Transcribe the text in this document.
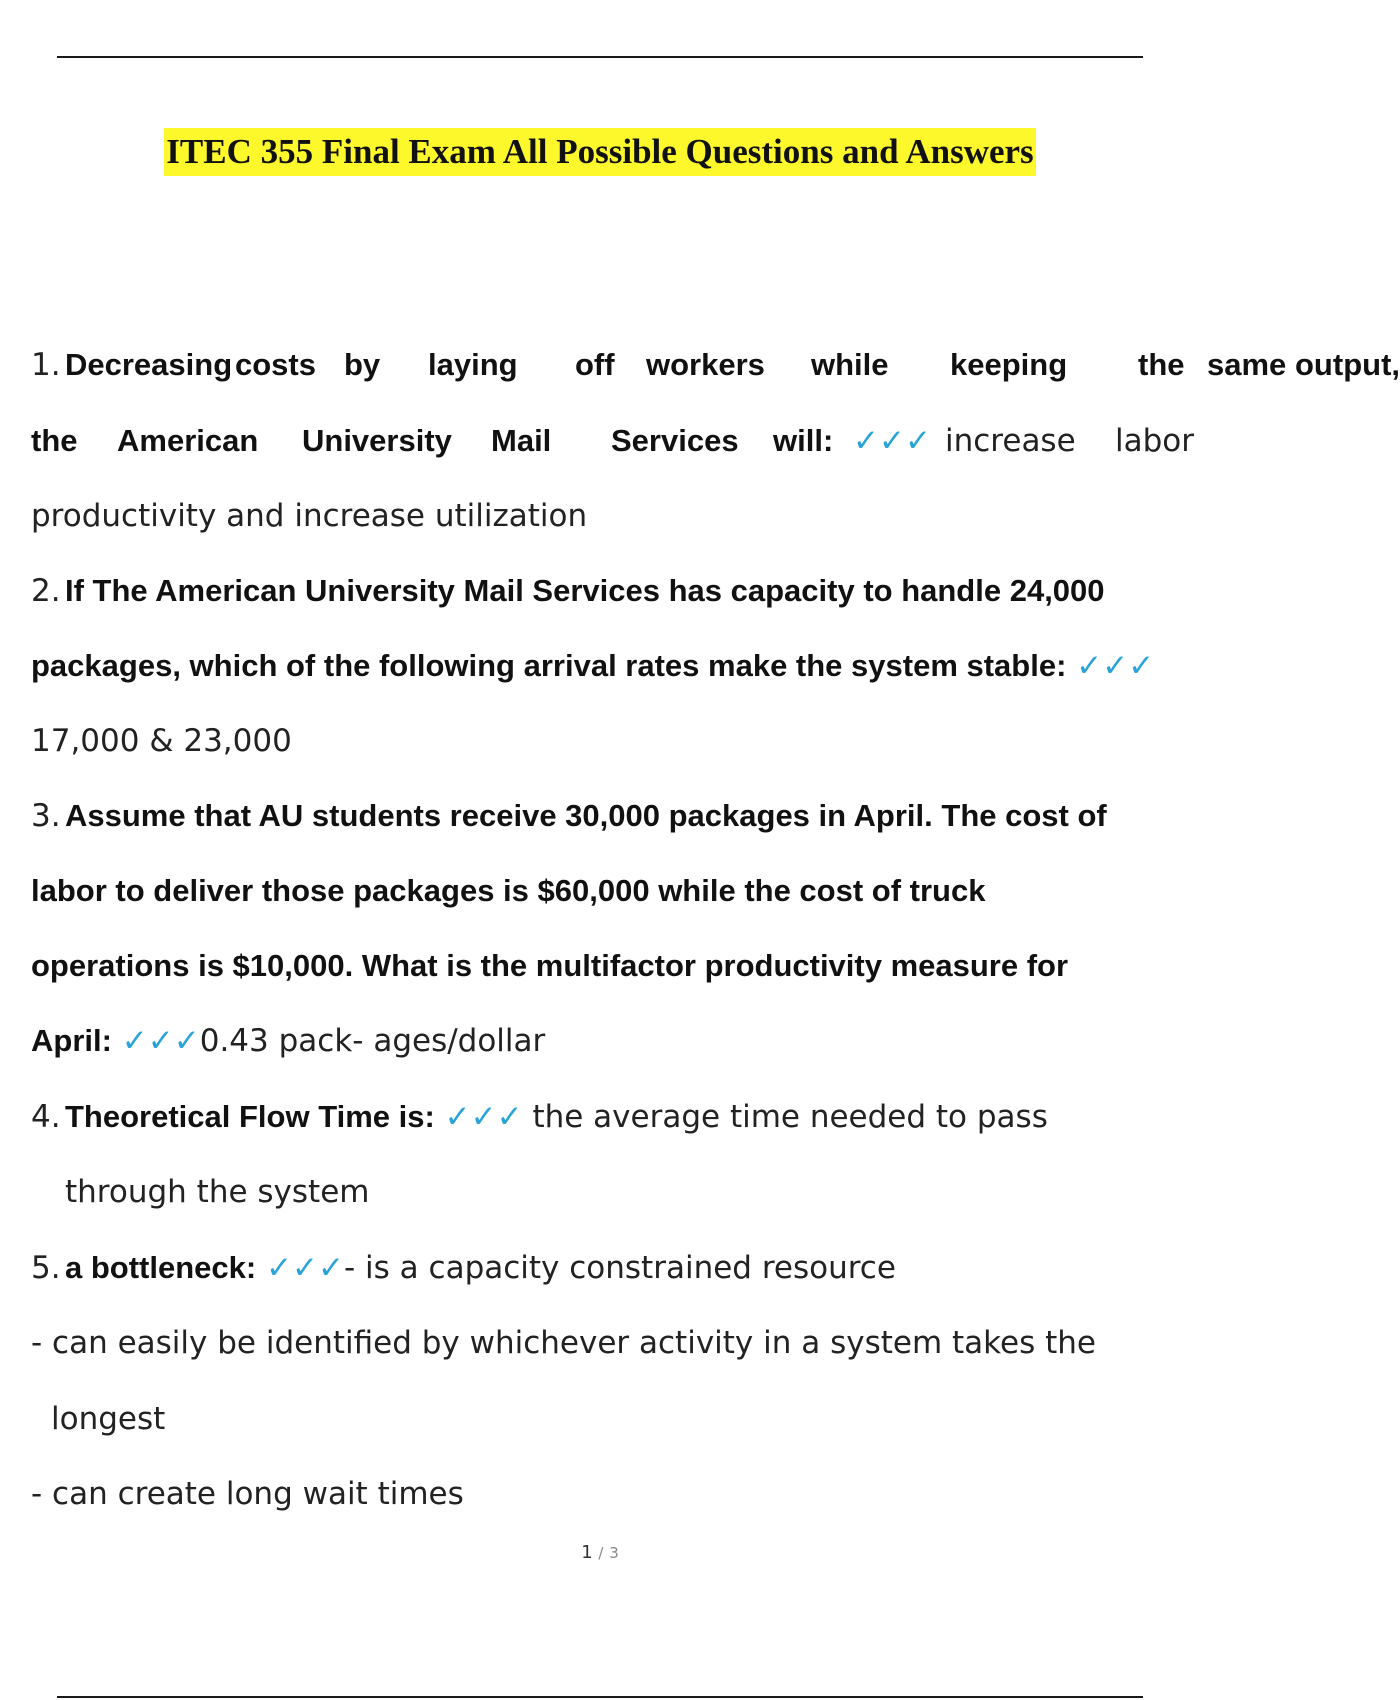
ITEC 355 Final Exam All Possible Questions and Answers
1. Decreasing costs by laying off workers while keeping the same output,
the American University Mail Services will: ✓✓✓ increase labor
productivity and increase utilization
2. If The American University Mail Services has capacity to handle 24,000
packages, which of the following arrival rates make the system stable: ✓✓✓
17,000 & 23,000
3. Assume that AU students receive 30,000 packages in April. The cost of
labor to deliver those packages is $60,000 while the cost of truck
operations is $10,000. What is the multifactor productivity measure for
April: ✓✓✓0.43 pack- ages/dollar
4. Theoretical Flow Time is: ✓✓✓ the average time needed to pass
through the system
5. a bottleneck: ✓✓✓- is a capacity constrained resource
- can easily be identified by whichever activity in a system takes the
longest
- can create long wait times
1 / 3
